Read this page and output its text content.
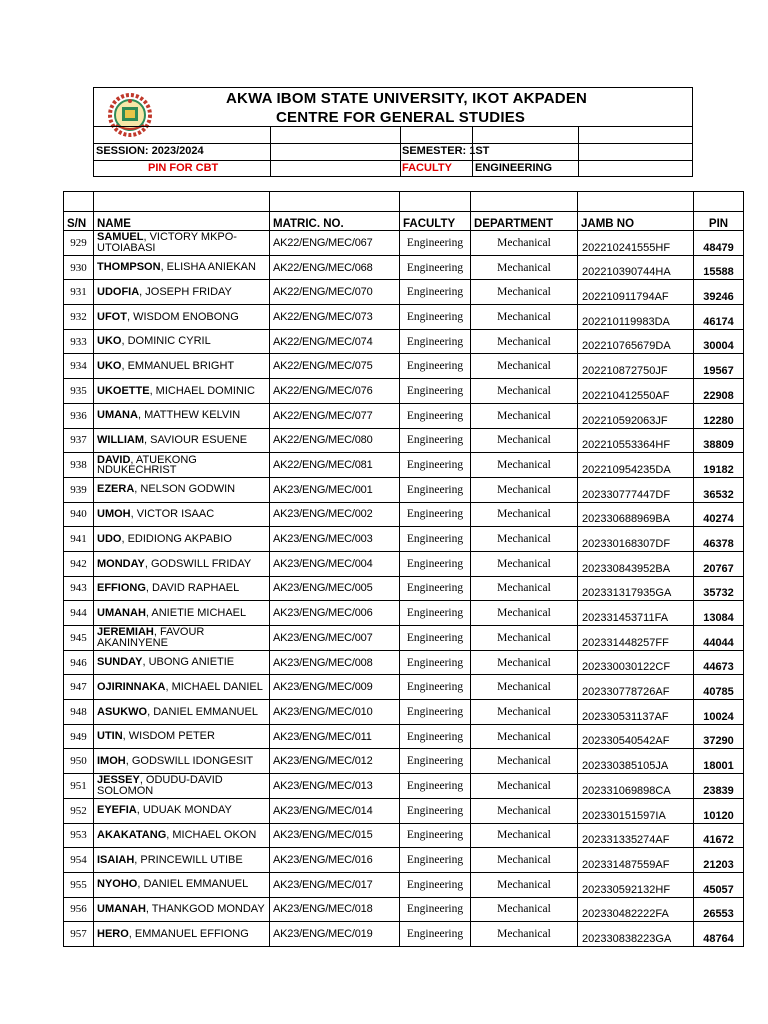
AKWA IBOM STATE UNIVERSITY, IKOT AKPADEN
CENTRE FOR GENERAL STUDIES
SESSION: 2023/2024
PIN FOR CBT
SEMESTER: 1ST
FACULTY ENGINEERING

S/N	NAME	MATRIC. NO.	FACULTY	DEPARTMENT	JAMB NO	PIN
929	SAMUEL, VICTORY MKPO-UTOIABASI	AK22/ENG/MEC/067	Engineering	Mechanical	202210241555HF	48479
930	THOMPSON, ELISHA ANIEKAN	AK22/ENG/MEC/068	Engineering	Mechanical	202210390744HA	15588
931	UDOFIA, JOSEPH FRIDAY	AK22/ENG/MEC/070	Engineering	Mechanical	202210911794AF	39246
932	UFOT, WISDOM ENOBONG	AK22/ENG/MEC/073	Engineering	Mechanical	202210119983DA	46174
933	UKO, DOMINIC CYRIL	AK22/ENG/MEC/074	Engineering	Mechanical	202210765679DA	30004
934	UKO, EMMANUEL BRIGHT	AK22/ENG/MEC/075	Engineering	Mechanical	202210872750JF	19567
935	UKOETTE, MICHAEL DOMINIC	AK22/ENG/MEC/076	Engineering	Mechanical	202210412550AF	22908
936	UMANA, MATTHEW KELVIN	AK22/ENG/MEC/077	Engineering	Mechanical	202210592063JF	12280
937	WILLIAM, SAVIOUR ESUENE	AK22/ENG/MEC/080	Engineering	Mechanical	202210553364HF	38809
938	DAVID, ATUEKONG NDUKECHRIST	AK22/ENG/MEC/081	Engineering	Mechanical	202210954235DA	19182
939	EZERA, NELSON GODWIN	AK23/ENG/MEC/001	Engineering	Mechanical	202330777447DF	36532
940	UMOH, VICTOR ISAAC	AK23/ENG/MEC/002	Engineering	Mechanical	202330688969BA	40274
941	UDO, EDIDIONG AKPABIO	AK23/ENG/MEC/003	Engineering	Mechanical	202330168307DF	46378
942	MONDAY, GODSWILL FRIDAY	AK23/ENG/MEC/004	Engineering	Mechanical	202330843952BA	20767
943	EFFIONG, DAVID RAPHAEL	AK23/ENG/MEC/005	Engineering	Mechanical	202331317935GA	35732
944	UMANAH, ANIETIE MICHAEL	AK23/ENG/MEC/006	Engineering	Mechanical	202331453711FA	13084
945	JEREMIAH, FAVOUR AKANINYENE	AK23/ENG/MEC/007	Engineering	Mechanical	202331448257FF	44044
946	SUNDAY, UBONG ANIETIE	AK23/ENG/MEC/008	Engineering	Mechanical	202330030122CF	44673
947	OJIRINNAKA, MICHAEL DANIEL	AK23/ENG/MEC/009	Engineering	Mechanical	202330778726AF	40785
948	ASUKWO, DANIEL EMMANUEL	AK23/ENG/MEC/010	Engineering	Mechanical	202330531137AF	10024
949	UTIN, WISDOM PETER	AK23/ENG/MEC/011	Engineering	Mechanical	202330540542AF	37290
950	IMOH, GODSWILL IDONGESIT	AK23/ENG/MEC/012	Engineering	Mechanical	202330385105JA	18001
951	JESSEY, ODUDU-DAVID SOLOMON	AK23/ENG/MEC/013	Engineering	Mechanical	202331069898CA	23839
952	EYEFIA, UDUAK MONDAY	AK23/ENG/MEC/014	Engineering	Mechanical	202330151597IA	10120
953	AKAKATANG, MICHAEL OKON	AK23/ENG/MEC/015	Engineering	Mechanical	202331335274AF	41672
954	ISAIAH, PRINCEWILL UTIBE	AK23/ENG/MEC/016	Engineering	Mechanical	202331487559AF	21203
955	NYOHO, DANIEL EMMANUEL	AK23/ENG/MEC/017	Engineering	Mechanical	202330592132HF	45057
956	UMANAH, THANKGOD MONDAY	AK23/ENG/MEC/018	Engineering	Mechanical	202330482222FA	26553
957	HERO, EMMANUEL EFFIONG	AK23/ENG/MEC/019	Engineering	Mechanical	202330838223GA	48764
